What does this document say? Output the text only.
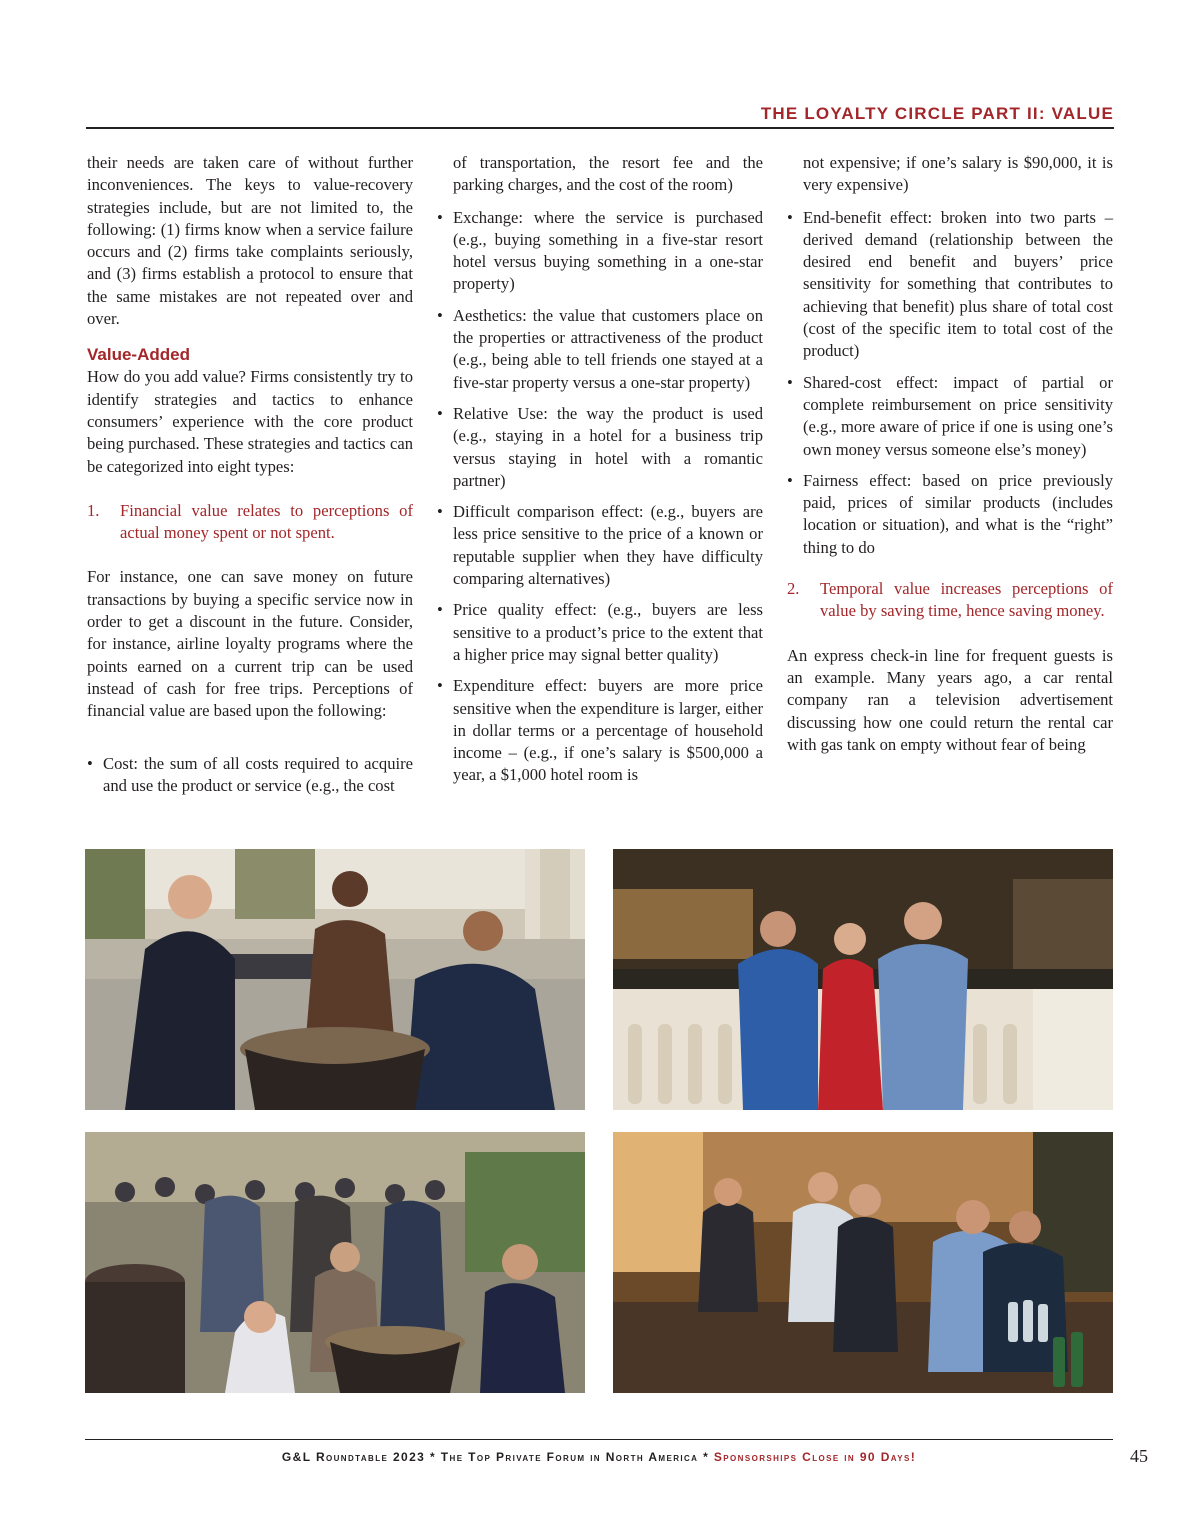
THE LOYALTY CIRCLE PART II: VALUE

their needs are taken care of without further inconveniences. The keys to value-recovery strategies include, but are not limited to, the following: (1) firms know when a service failure occurs and (2) firms take complaints seriously, and (3) firms establish a protocol to ensure that the same mistakes are not repeated over and over.

Value-Added

How do you add value? Firms consistently try to identify strategies and tactics to enhance consumers’ experience with the core product being purchased. These strategies and tactics can be categorized into eight types:

1. Financial value relates to perceptions of actual money spent or not spent.

For instance, one can save money on future transactions by buying a specific service now in order to get a discount in the future. Consider, for instance, airline loyalty programs where the points earned on a current trip can be used instead of cash for free trips. Perceptions of financial value are based upon the following:

• Cost: the sum of all costs required to acquire and use the product or service (e.g., the cost

of transportation, the resort fee and the parking charges, and the cost of the room)

• Exchange: where the service is purchased (e.g., buying something in a five-star resort hotel versus buying something in a one-star property)
• Aesthetics: the value that customers place on the properties or attractiveness of the product (e.g., being able to tell friends one stayed at a five-star property versus a one-star property)
• Relative Use: the way the product is used (e.g., staying in a hotel for a business trip versus staying in hotel with a romantic partner)
• Difficult comparison effect: (e.g., buyers are less price sensitive to the price of a known or reputable supplier when they have difficulty comparing alternatives)
• Price quality effect: (e.g., buyers are less sensitive to a product’s price to the extent that a higher price may signal better quality)
• Expenditure effect: buyers are more price sensitive when the expenditure is larger, either in dollar terms or a percentage of household income – (e.g., if one’s salary is $500,000 a year, a $1,000 hotel room is

not expensive; if one’s salary is $90,000, it is very expensive)

• End-benefit effect: broken into two parts – derived demand (relationship between the desired end benefit and buyers’ price sensitivity for something that contributes to achieving that benefit) plus share of total cost (cost of the specific item to total cost of the product)
• Shared-cost effect: impact of partial or complete reimbursement on price sensitivity (e.g., more aware of price if one is using one’s own money versus someone else’s money)
• Fairness effect: based on price previously paid, prices of similar products (includes location or situation), and what is the “right” thing to do
2. Temporal value increases perceptions of value by saving time, hence saving money.

An express check-in line for frequent guests is an example. Many years ago, a car rental company ran a television advertisement discussing how one could return the rental car with gas tank on empty without fear of being

G&L Roundtable 2023 * The Top Private Forum in North America * Sponsorships Close in 90 Days!	45
